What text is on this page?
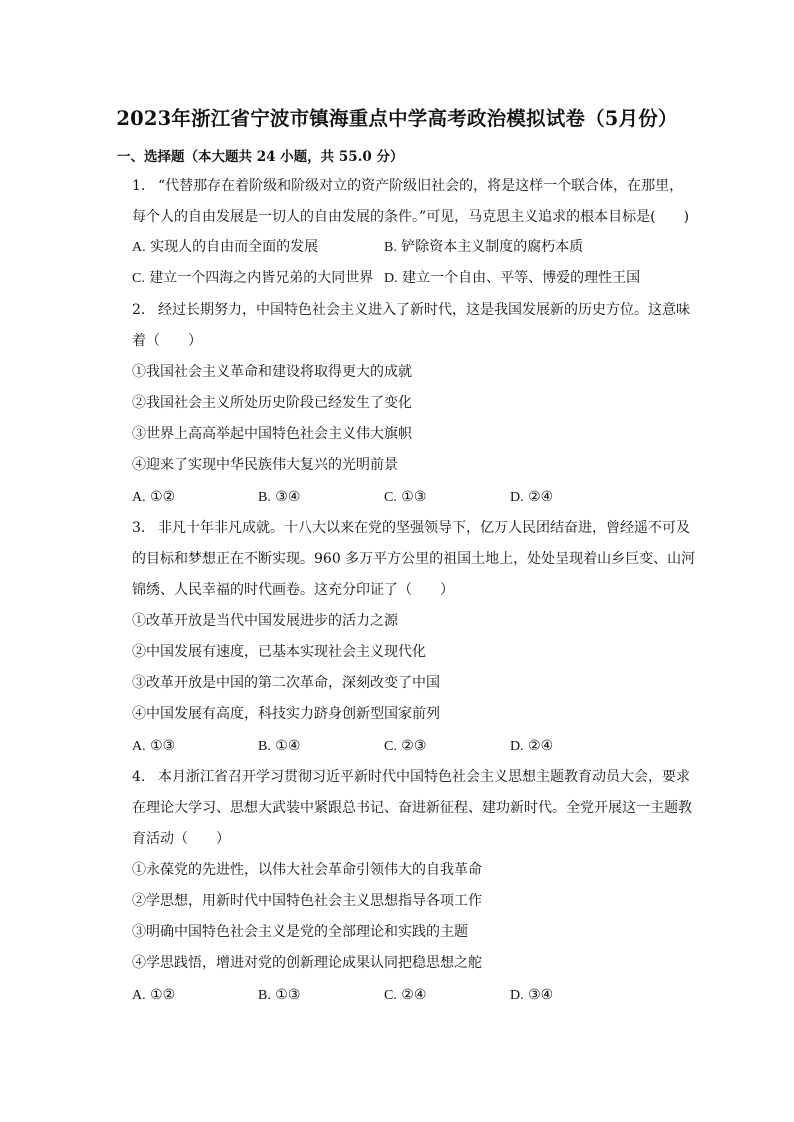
2023年浙江省宁波市镇海重点中学高考政治模拟试卷（5月份）
一、选择题（本大题共 24 小题，共 55.0 分）
1. “代替那存在着阶级和阶级对立的资产阶级旧社会的，将是这样一个联合体，在那里，
每个人的自由发展是一切人的自由发展的条件。”可见，马克思主义追求的根本目标是(　　)
A. 实现人的自由而全面的发展	B. 铲除资本主义制度的腐朽本质
C. 建立一个四海之内皆兄弟的大同世界 D. 建立一个自由、平等、博爱的理性王国
2. 经过长期努力，中国特色社会主义进入了新时代，这是我国发展新的历史方位。这意味
着（　　）
①我国社会主义革命和建设将取得更大的成就
②我国社会主义所处历史阶段已经发生了变化
③世界上高高举起中国特色社会主义伟大旗帜
④迎来了实现中华民族伟大复兴的光明前景
A. ①②	B. ③④	C. ①③	D. ②④
3. 非凡十年非凡成就。十八大以来在党的坚强领导下，亿万人民团结奋进，曾经遥不可及
的目标和梦想正在不断实现。960 多万平方公里的祖国土地上，处处呈现着山乡巨变、山河
锦绣、人民幸福的时代画卷。这充分印证了（　　）
①改革开放是当代中国发展进步的活力之源
②中国发展有速度，已基本实现社会主义现代化
③改革开放是中国的第二次革命，深刻改变了中国
④中国发展有高度，科技实力跻身创新型国家前列
A. ①③	B. ①④	C. ②③	D. ②④
4. 本月浙江省召开学习贯彻习近平新时代中国特色社会主义思想主题教育动员大会，要求
在理论大学习、思想大武装中紧跟总书记、奋进新征程、建功新时代。全党开展这一主题教
育活动（　　）
①永葆党的先进性，以伟大社会革命引领伟大的自我革命
②学思想，用新时代中国特色社会主义思想指导各项工作
③明确中国特色社会主义是党的全部理论和实践的主题
④学思践悟，增进对党的创新理论成果认同把稳思想之舵
A. ①②	B. ①③	C. ②④	D. ③④
